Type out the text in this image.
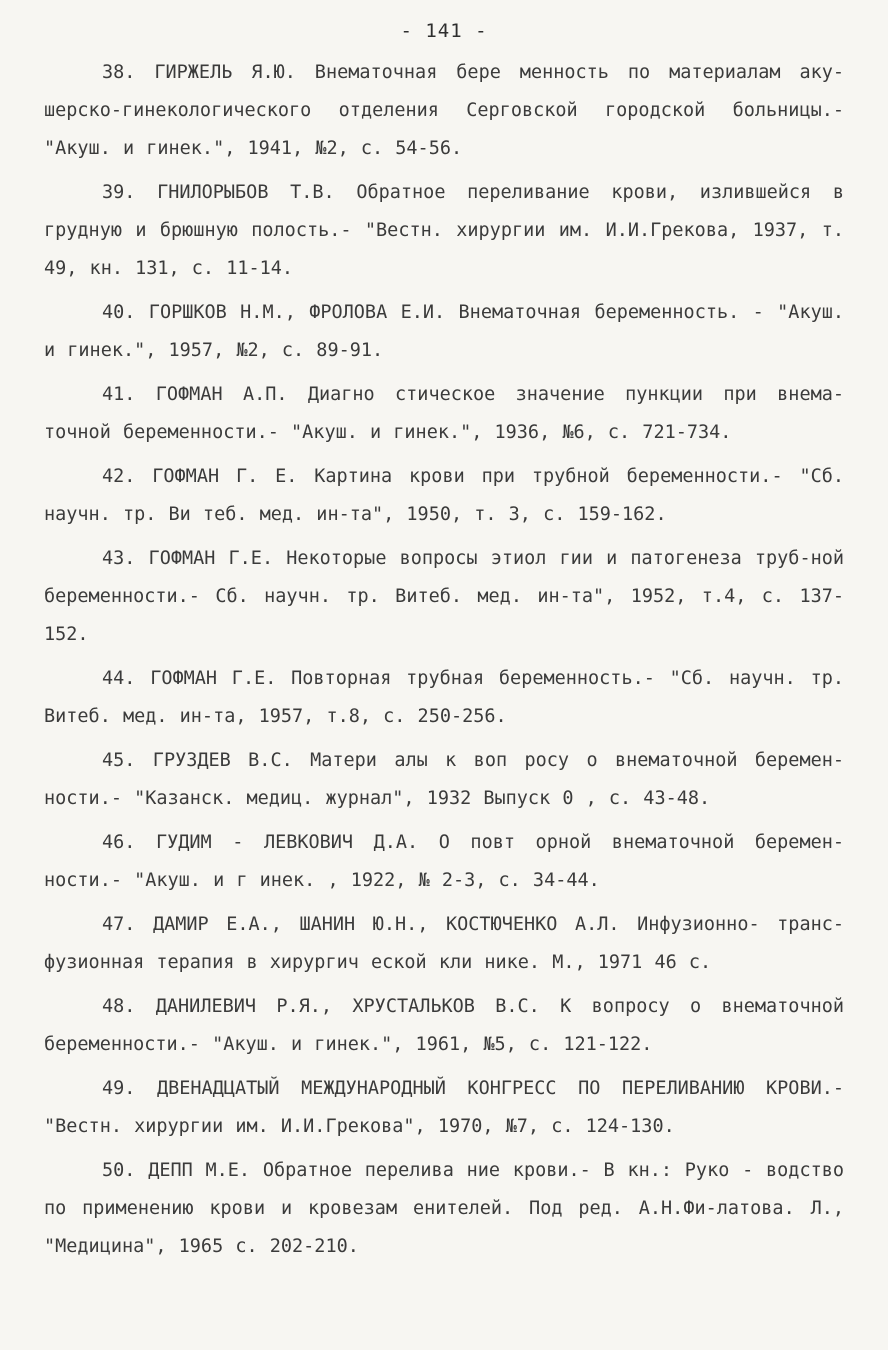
- 141 -

38. ГИРЖЕЛЬ Я.Ю. Внематочная бере менность по материалам аку-шерско-гинекологического отделения Серговской городской больницы.- "Акуш. и гинек.", 1941, №2, с. 54-56.

39. ГНИЛОРЫБОВ Т.В. Обратное переливание крови, излившейся в грудную и брюшную полость.- "Вестн. хирургии им. И.И.Грекова, 1937, т. 49, кн. 131, с. 11-14.

40. ГОРШКОВ Н.М., ФРОЛОВА Е.И. Внематочная беременность. - "Акуш. и гинек.", 1957, №2, с. 89-91.

41. ГОФМАН А.П. Диагно стическое значение пункции при внема-точной беременности.- "Акуш. и гинек.", 1936, №6, с. 721-734.

42. ГОФМАН Г. Е. Картина крови при трубной беременности.- "Сб. научн. тр. Ви теб. мед. ин-та", 1950, т. 3, с. 159-162.

43. ГОФМАН Г.Е. Некоторые вопросы этиол гии и патогенеза труб-ной беременности.- Сб. научн. тр. Витеб. мед. ин-та", 1952, т.4, с. 137-152.

44. ГОФМАН Г.Е. Повторная трубная беременность.- "Сб. научн. тр. Витеб. мед. ин-та, 1957, т.8, с. 250-256.

45. ГРУЗДЕВ В.С. Матери алы к воп росу о внематочной беремен-ности.- "Казанск. медиц. журнал", 1932 Выпуск 0 , с. 43-48.

46. ГУДИМ - ЛЕВКОВИЧ Д.А. О повт орной внематочной беремен-ности.- "Акуш. и г инек. , 1922, № 2-3, с. 34-44.

47. ДАМИР Е.А., ШАНИН Ю.Н., КОСТЮЧЕНКО А.Л. Инфузионно- транс-фузионная терапия в хирургич еской кли нике. М., 1971 46 с.

48. ДАНИЛЕВИЧ Р.Я., ХРУСТАЛЬКОВ В.С. К вопросу о внематочной беременности.- "Акуш. и гинек.", 1961, №5, с. 121-122.

49. ДВЕНАДЦАТЫЙ МЕЖДУНАРОДНЫЙ КОНГРЕСС ПО ПЕРЕЛИВАНИЮ КРОВИ.- "Вестн. хирургии им. И.И.Грекова", 1970, №7, с. 124-130.

50. ДЕПП М.Е. Обратное перелива ние крови.- В кн.: Руко - водство по применению крови и кровезам енителей. Под ред. А.Н.Фи-латова. Л., "Медицина", 1965 с. 202-210.
